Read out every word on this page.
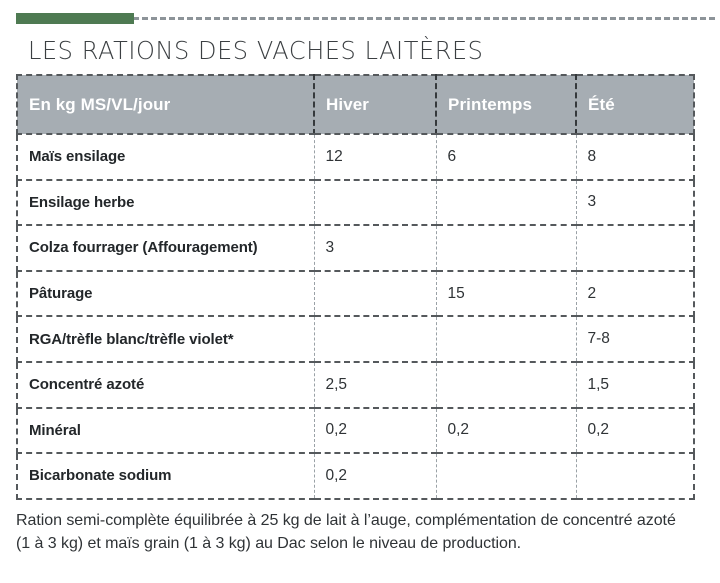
LES RATIONS DES VACHES LAITÈRES
En kg MS/VL/jour	Hiver	Printemps	Été
Maïs ensilage	12	6	8
Ensilage herbe			3
Colza fourrager (Affouragement)	3		
Pâturage		15	2
RGA/trèfle blanc/trèfle violet*			7-8
Concentré azoté	2,5		1,5
Minéral	0,2	0,2	0,2
Bicarbonate sodium	0,2		
Ration semi-complète équilibrée à 25 kg de lait à l’auge, complémentation de concentré azoté (1 à 3 kg) et maïs grain (1 à 3 kg) au Dac selon le niveau de production.
